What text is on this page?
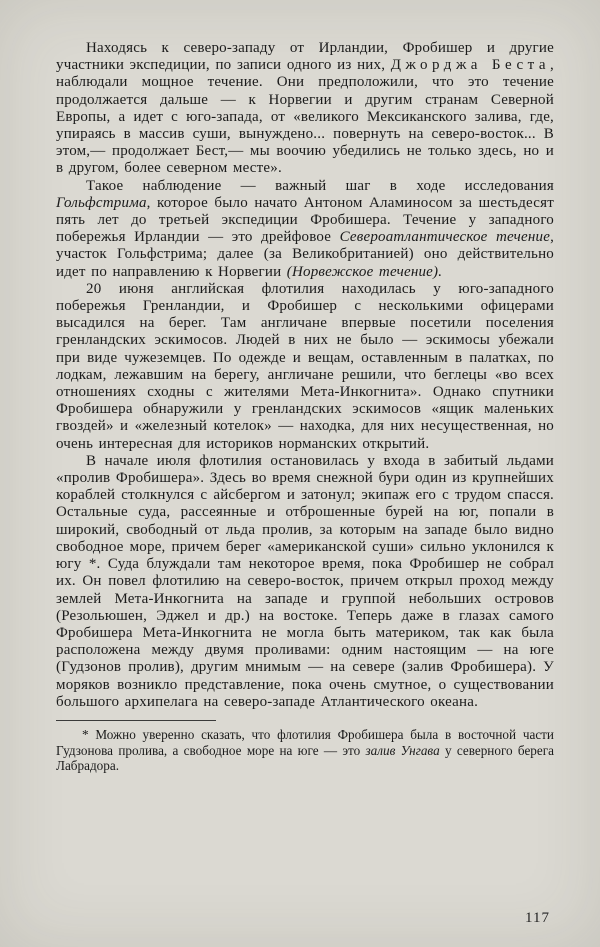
Находясь к северо-западу от Ирландии, Фробишер и другие участники экспедиции, по записи одного из них, Джорджа Беста, наблюдали мощное течение. Они предположили, что это течение продолжается дальше — к Норвегии и другим странам Северной Европы, а идет с юго-запада, от «великого Мексиканского залива, где, упираясь в массив суши, вынуждено... повернуть на северо-восток... В этом,— продолжает Бест,— мы воочию убедились не только здесь, но и в другом, более северном месте».

Такое наблюдение — важный шаг в ходе исследования Гольфстрима, которое было начато Антоном Аламиносом за шестьдесят пять лет до третьей экспедиции Фробишера. Течение у западного побережья Ирландии — это дрейфовое Североатлантическое течение, участок Гольфстрима; далее (за Великобританией) оно действительно идет по направлению к Норвегии (Норвежское течение).

20 июня английская флотилия находилась у юго-западного побережья Гренландии, и Фробишер с несколькими офицерами высадился на берег. Там англичане впервые посетили поселения гренландских эскимосов. Людей в них не было — эскимосы убежали при виде чужеземцев. По одежде и вещам, оставленным в палатках, по лодкам, лежавшим на берегу, англичане решили, что беглецы «во всех отношениях сходны с жителями Мета-Инкогнита». Однако спутники Фробишера обнаружили у гренландских эскимосов «ящик маленьких гвоздей» и «железный котелок» — находка, для них несущественная, но очень интересная для историков норманских открытий.

В начале июля флотилия остановилась у входа в забитый льдами «пролив Фробишера». Здесь во время снежной бури один из крупнейших кораблей столкнулся с айсбергом и затонул; экипаж его с трудом спасся. Остальные суда, рассеянные и отброшенные бурей на юг, попали в широкий, свободный от льда пролив, за которым на западе было видно свободное море, причем берег «американской суши» сильно уклонился к югу *. Суда блуждали там некоторое время, пока Фробишер не собрал их. Он повел флотилию на северо-восток, причем открыл проход между землей Мета-Инкогнита на западе и группой небольших островов (Резольюшен, Эджел и др.) на востоке. Теперь даже в глазах самого Фробишера Мета-Инкогнита не могла быть материком, так как была расположена между двумя проливами: одним настоящим — на юге (Гудзонов пролив), другим мнимым — на севере (залив Фробишера). У моряков возникло представление, пока очень смутное, о существовании большого архипелага на северо-западе Атлантического океана.

* Можно уверенно сказать, что флотилия Фробишера была в восточной части Гудзонова пролива, а свободное море на юге — это залив Унгава у северного берега Лабрадора.

117
